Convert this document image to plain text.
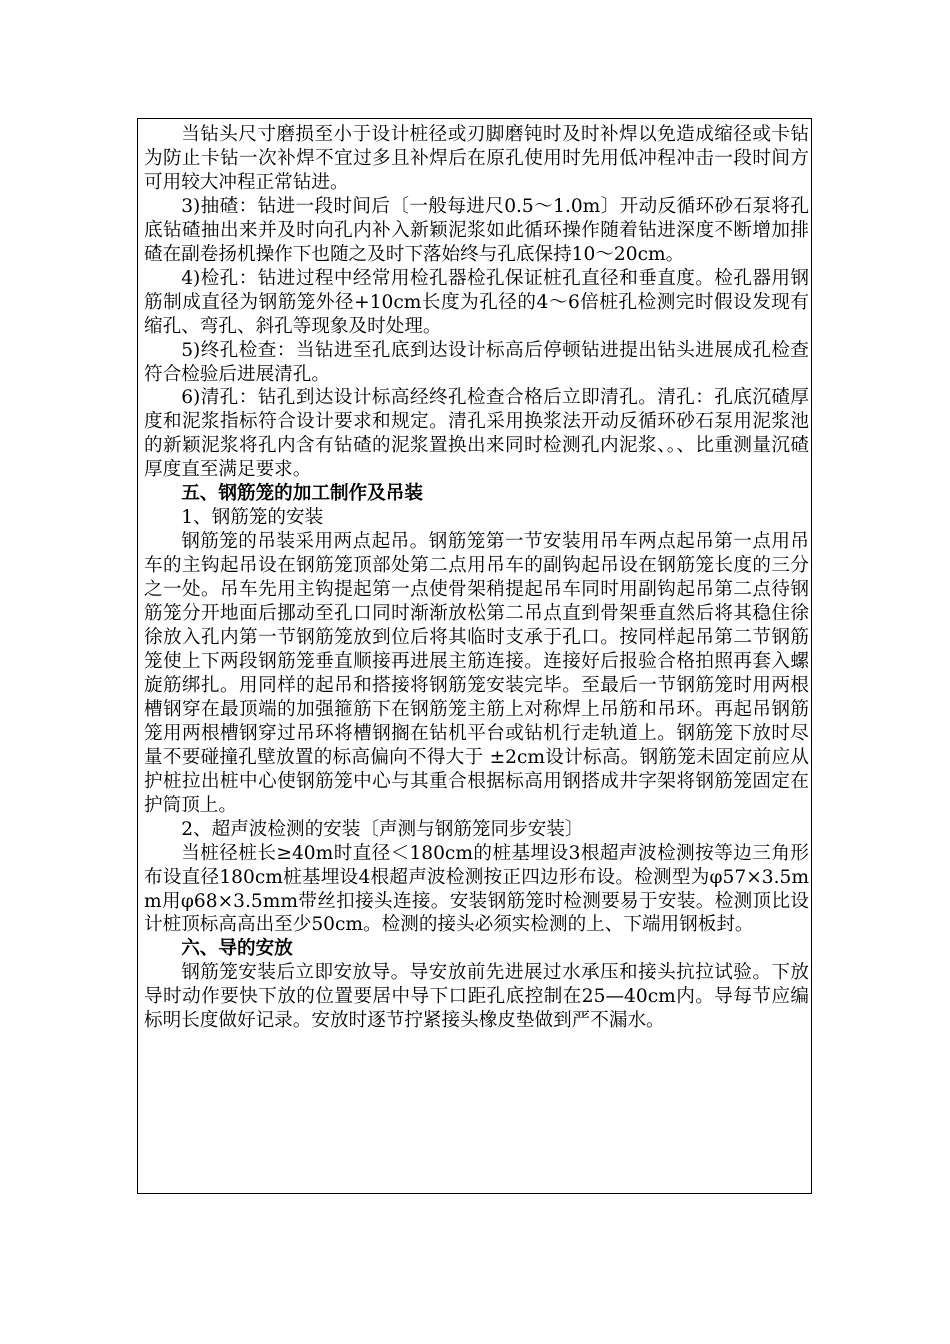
当钻头尺寸磨损至小于设计桩径或刃脚磨钝时及时补焊以免造成缩径或卡钻为防止卡钻一次补焊不宜过多且补焊后在原孔使用时先用低冲程冲击一段时间方可用较大冲程正常钻进。

3)抽碴：钻进一段时间后〔一般每进尺0.5～1.0m〕开动反循环砂石泵将孔底钻碴抽出来并及时向孔内补入新颖泥浆如此循环操作随着钻进深度不断增加排碴在副卷扬机操作下也随之及时下落始终与孔底保持10～20cm。

4)检孔：钻进过程中经常用检孔器检孔保证桩孔直径和垂直度。检孔器用钢筋制成直径为钢筋笼外径+10cm长度为孔径的4～6倍桩孔检测完时假设发现有缩孔、弯孔、斜孔等现象及时处理。

5)终孔检查：当钻进至孔底到达设计标高后停顿钻进提出钻头进展成孔检查符合检验后进展清孔。

6)清孔：钻孔到达设计标高经终孔检查合格后立即清孔。清孔：孔底沉碴厚度和泥浆指标符合设计要求和规定。清孔采用换浆法开动反循环砂石泵用泥浆池的新颖泥浆将孔内含有钻碴的泥浆置换出来同时检测孔内泥浆、。、比重测量沉碴厚度直至满足要求。

五、钢筋笼的加工制作及吊装

1、钢筋笼的安装

钢筋笼的吊装采用两点起吊。钢筋笼第一节安装用吊车两点起吊第一点用吊车的主钩起吊设在钢筋笼顶部处第二点用吊车的副钩起吊设在钢筋笼长度的三分之一处。吊车先用主钩提起第一点使骨架稍提起吊车同时用副钩起吊第二点待钢筋笼分开地面后挪动至孔口同时渐渐放松第二吊点直到骨架垂直然后将其稳住徐徐放入孔内第一节钢筋笼放到位后将其临时支承于孔口。按同样起吊第二节钢筋笼使上下两段钢筋笼垂直顺接再进展主筋连接。连接好后报验合格拍照再套入螺旋筋绑扎。用同样的起吊和搭接将钢筋笼安装完毕。至最后一节钢筋笼时用两根槽钢穿在最顶端的加强箍筋下在钢筋笼主筋上对称焊上吊筋和吊环。再起吊钢筋笼用两根槽钢穿过吊环将槽钢搁在钻机平台或钻机行走轨道上。钢筋笼下放时尽量不要碰撞孔壁放置的标高偏向不得大于 ±2cm设计标高。钢筋笼未固定前应从护桩拉出桩中心使钢筋笼中心与其重合根据标高用钢搭成井字架将钢筋笼固定在护筒顶上。

2、超声波检测的安装〔声测与钢筋笼同步安装〕

当桩径桩长≥40m时直径＜180cm的桩基埋设3根超声波检测按等边三角形布设直径180cm桩基埋设4根超声波检测按正四边形布设。检测型为φ57×3.5mm用φ68×3.5mm带丝扣接头连接。安装钢筋笼时检测要易于安装。检测顶比设计桩顶标高高出至少50cm。检测的接头必须实检测的上、下端用钢板封。

六、导的安放

钢筋笼安装后立即安放导。导安放前先进展过水承压和接头抗拉试验。下放导时动作要快下放的位置要居中导下口距孔底控制在25—40cm内。导每节应编标明长度做好记录。安放时逐节拧紧接头橡皮垫做到严不漏水。
